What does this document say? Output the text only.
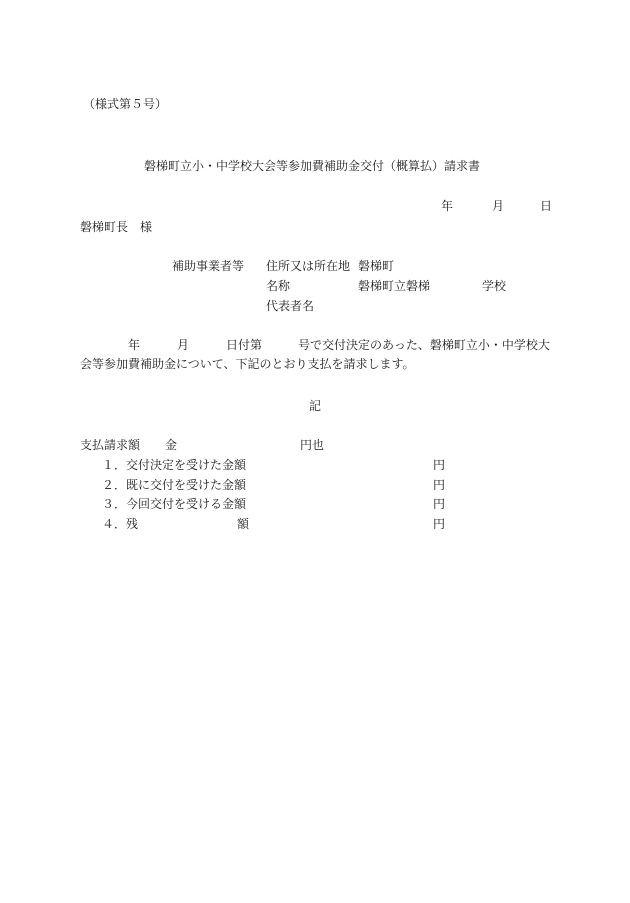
（様式第５号）
磐梯町立小・中学校大会等参加費補助金交付（概算払）請求書
年	月	日
磐梯町長　様
補助事業者等 住所又は所在地 磐梯町
名称	磐梯町立磐梯	学校
代表者名
年	月	日付第	号で交付決定のあった、磐梯町立小・中学校大
会等参加費補助金について、下記のとおり支払を請求します。
記
支払請求額 金	円也
１．交付決定を受けた金額	円
２．既に交付を受けた金額	円
３．今回交付を受ける金額	円
４．残	額	円
